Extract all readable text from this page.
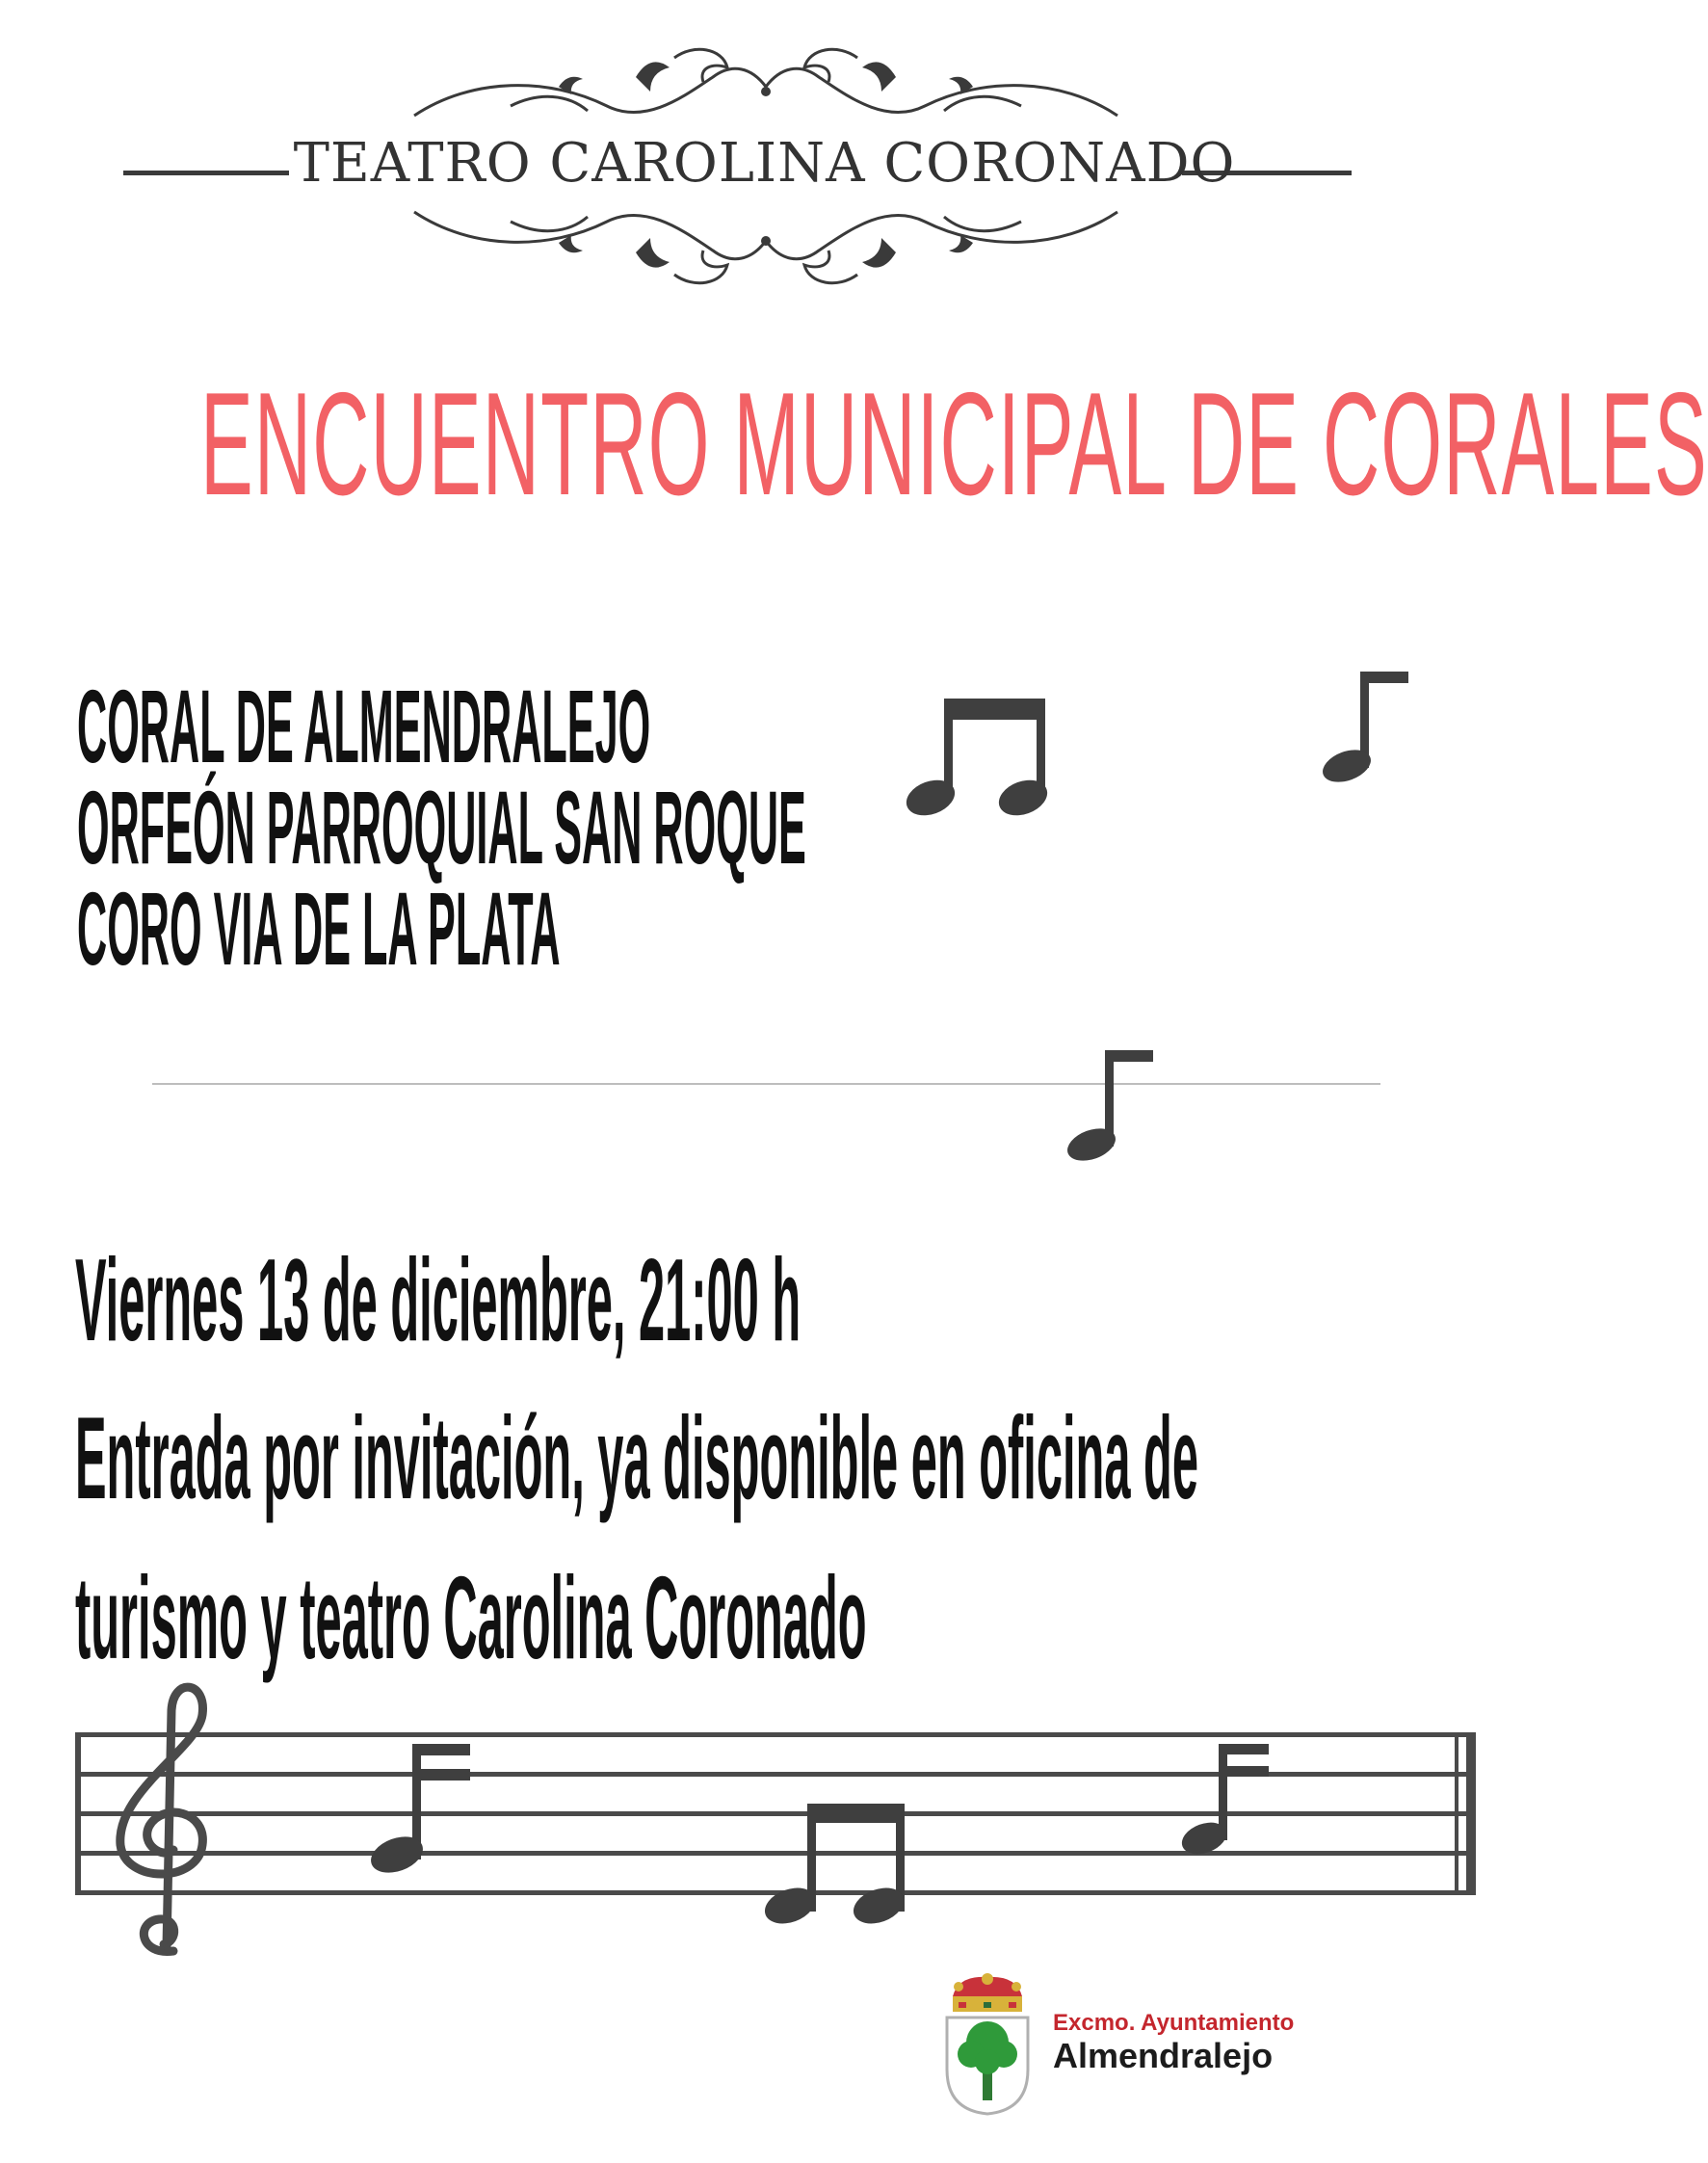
TEATRO CAROLINA CORONADO
ENCUENTRO MUNICIPAL DE CORALES
CORAL DE ALMENDRALEJO
ORFEÓN PARROQUIAL SAN ROQUE
CORO VIA DE LA PLATA
Viernes 13 de diciembre, 21:00 h
Entrada por invitación, ya disponible en oficina de
turismo y teatro Carolina Coronado
Excmo. Ayuntamiento
Almendralejo
